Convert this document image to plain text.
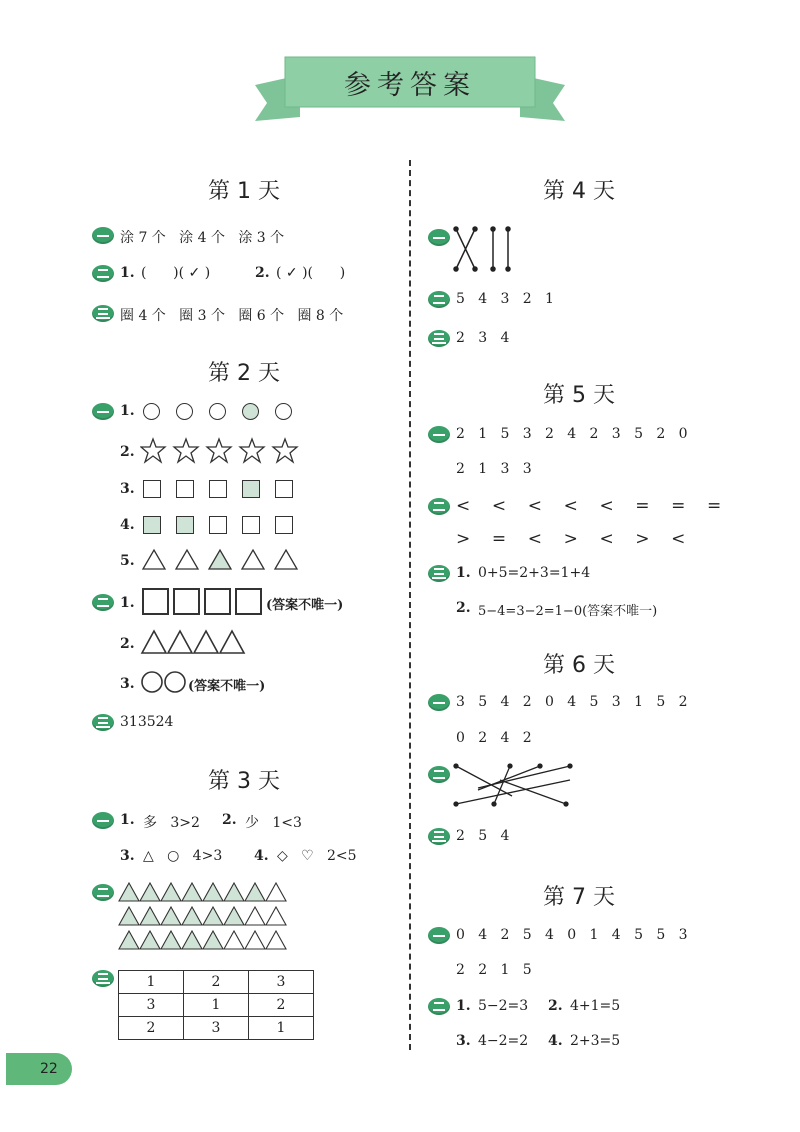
参考答案
第 1 天
涂 7 个   涂 4 个   涂 3 个
1. (      )( ✓ )	2. ( ✓ )(      )
圈 4 个   圈 3 个   圈 6 个   圈 8 个
第 2 天
1.
2.
3.
4.
5.
1.	(答案不唯一)
2.
3.	(答案不唯一)
313524
第 3 天
1. 多   3>2 2. 少   1<3
3. △   ○   4>3 4. ◇   ♡   2<5
1	2	3
3	1	2
2	3	1
第 4 天
5   4   3   2   1
2   3   4
第 5 天
2   1   5   3   2   4   2   3   5   2   0
2   1   3   3
<    <    <    <    <    =    =    =
>    =    <    >    <    >    <
1. 0+5=2+3=1+4
2. 5−4=3−2=1−0(答案不唯一)
第 6 天
3   5   4   2   0   4   5   3   1   5   2
0   2   4   2
2   5   4
第 7 天
0   4   2   5   4   0   1   4   5   5   3
2   2   1   5
1. 5−2=3 2. 4+1=5
3. 4−2=2 4. 2+3=5
22
